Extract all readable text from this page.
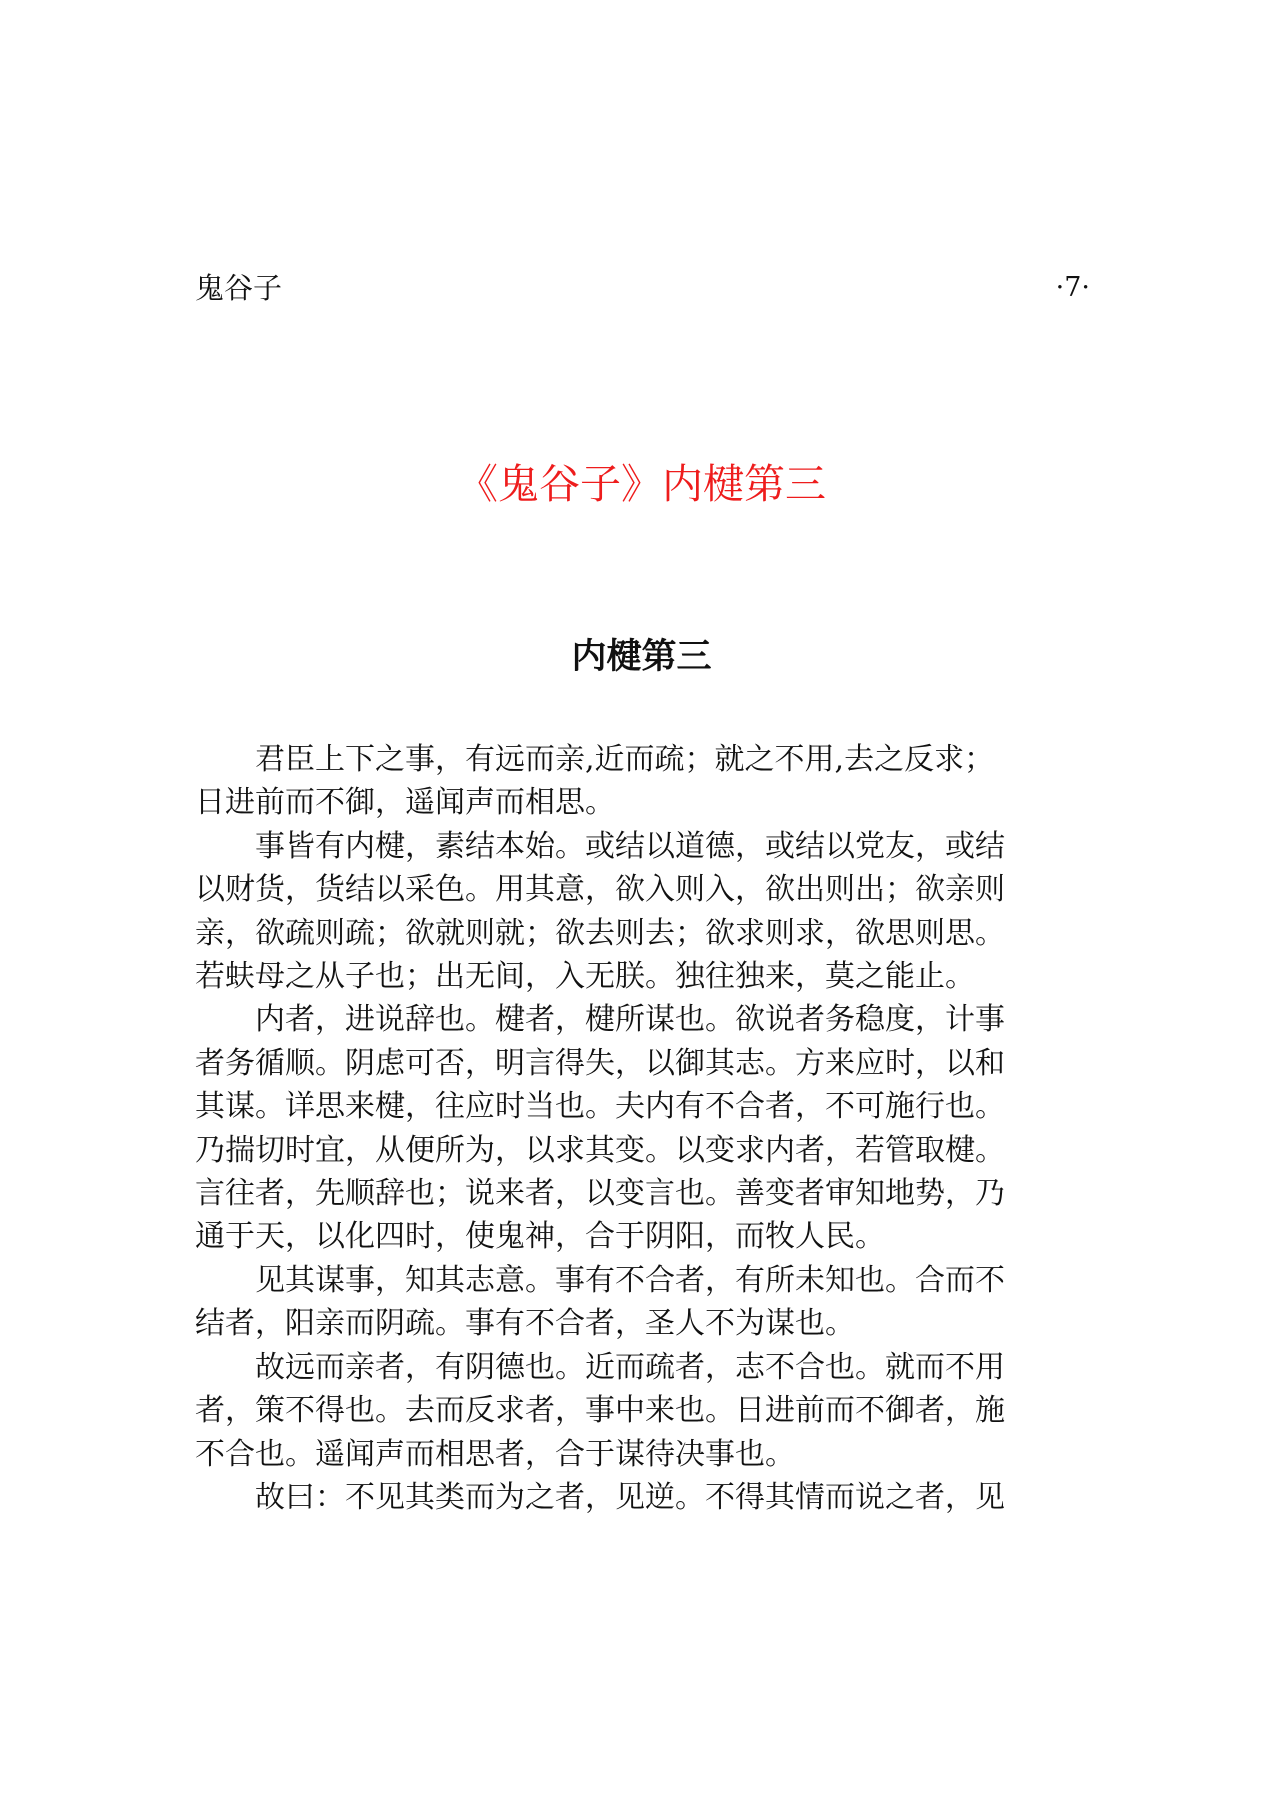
鬼谷子	·7·
《鬼谷子》内楗第三
内楗第三

君臣上下之事，有远而亲,近而疏；就之不用,去之反求；
日进前而不御，遥闻声而相思。

事皆有内楗，素结本始。或结以道德，或结以党友，或结
以财货，货结以采色。用其意，欲入则入，欲出则出；欲亲则
亲，欲疏则疏；欲就则就；欲去则去；欲求则求，欲思则思。
若蚨母之从子也；出无间，入无朕。独往独来，莫之能止。

内者，进说辞也。楗者，楗所谋也。欲说者务稳度，计事
者务循顺。阴虑可否，明言得失，以御其志。方来应时，以和
其谋。详思来楗，往应时当也。夫内有不合者，不可施行也。
乃揣切时宜，从便所为，以求其变。以变求内者，若管取楗。
言往者，先顺辞也；说来者，以变言也。善变者审知地势，乃
通于天，以化四时，使鬼神，合于阴阳，而牧人民。

见其谋事，知其志意。事有不合者，有所未知也。合而不
结者，阳亲而阴疏。事有不合者，圣人不为谋也。

故远而亲者，有阴德也。近而疏者，志不合也。就而不用
者，策不得也。去而反求者，事中来也。日进前而不御者，施
不合也。遥闻声而相思者，合于谋待决事也。

故曰：不见其类而为之者，见逆。不得其情而说之者，见
